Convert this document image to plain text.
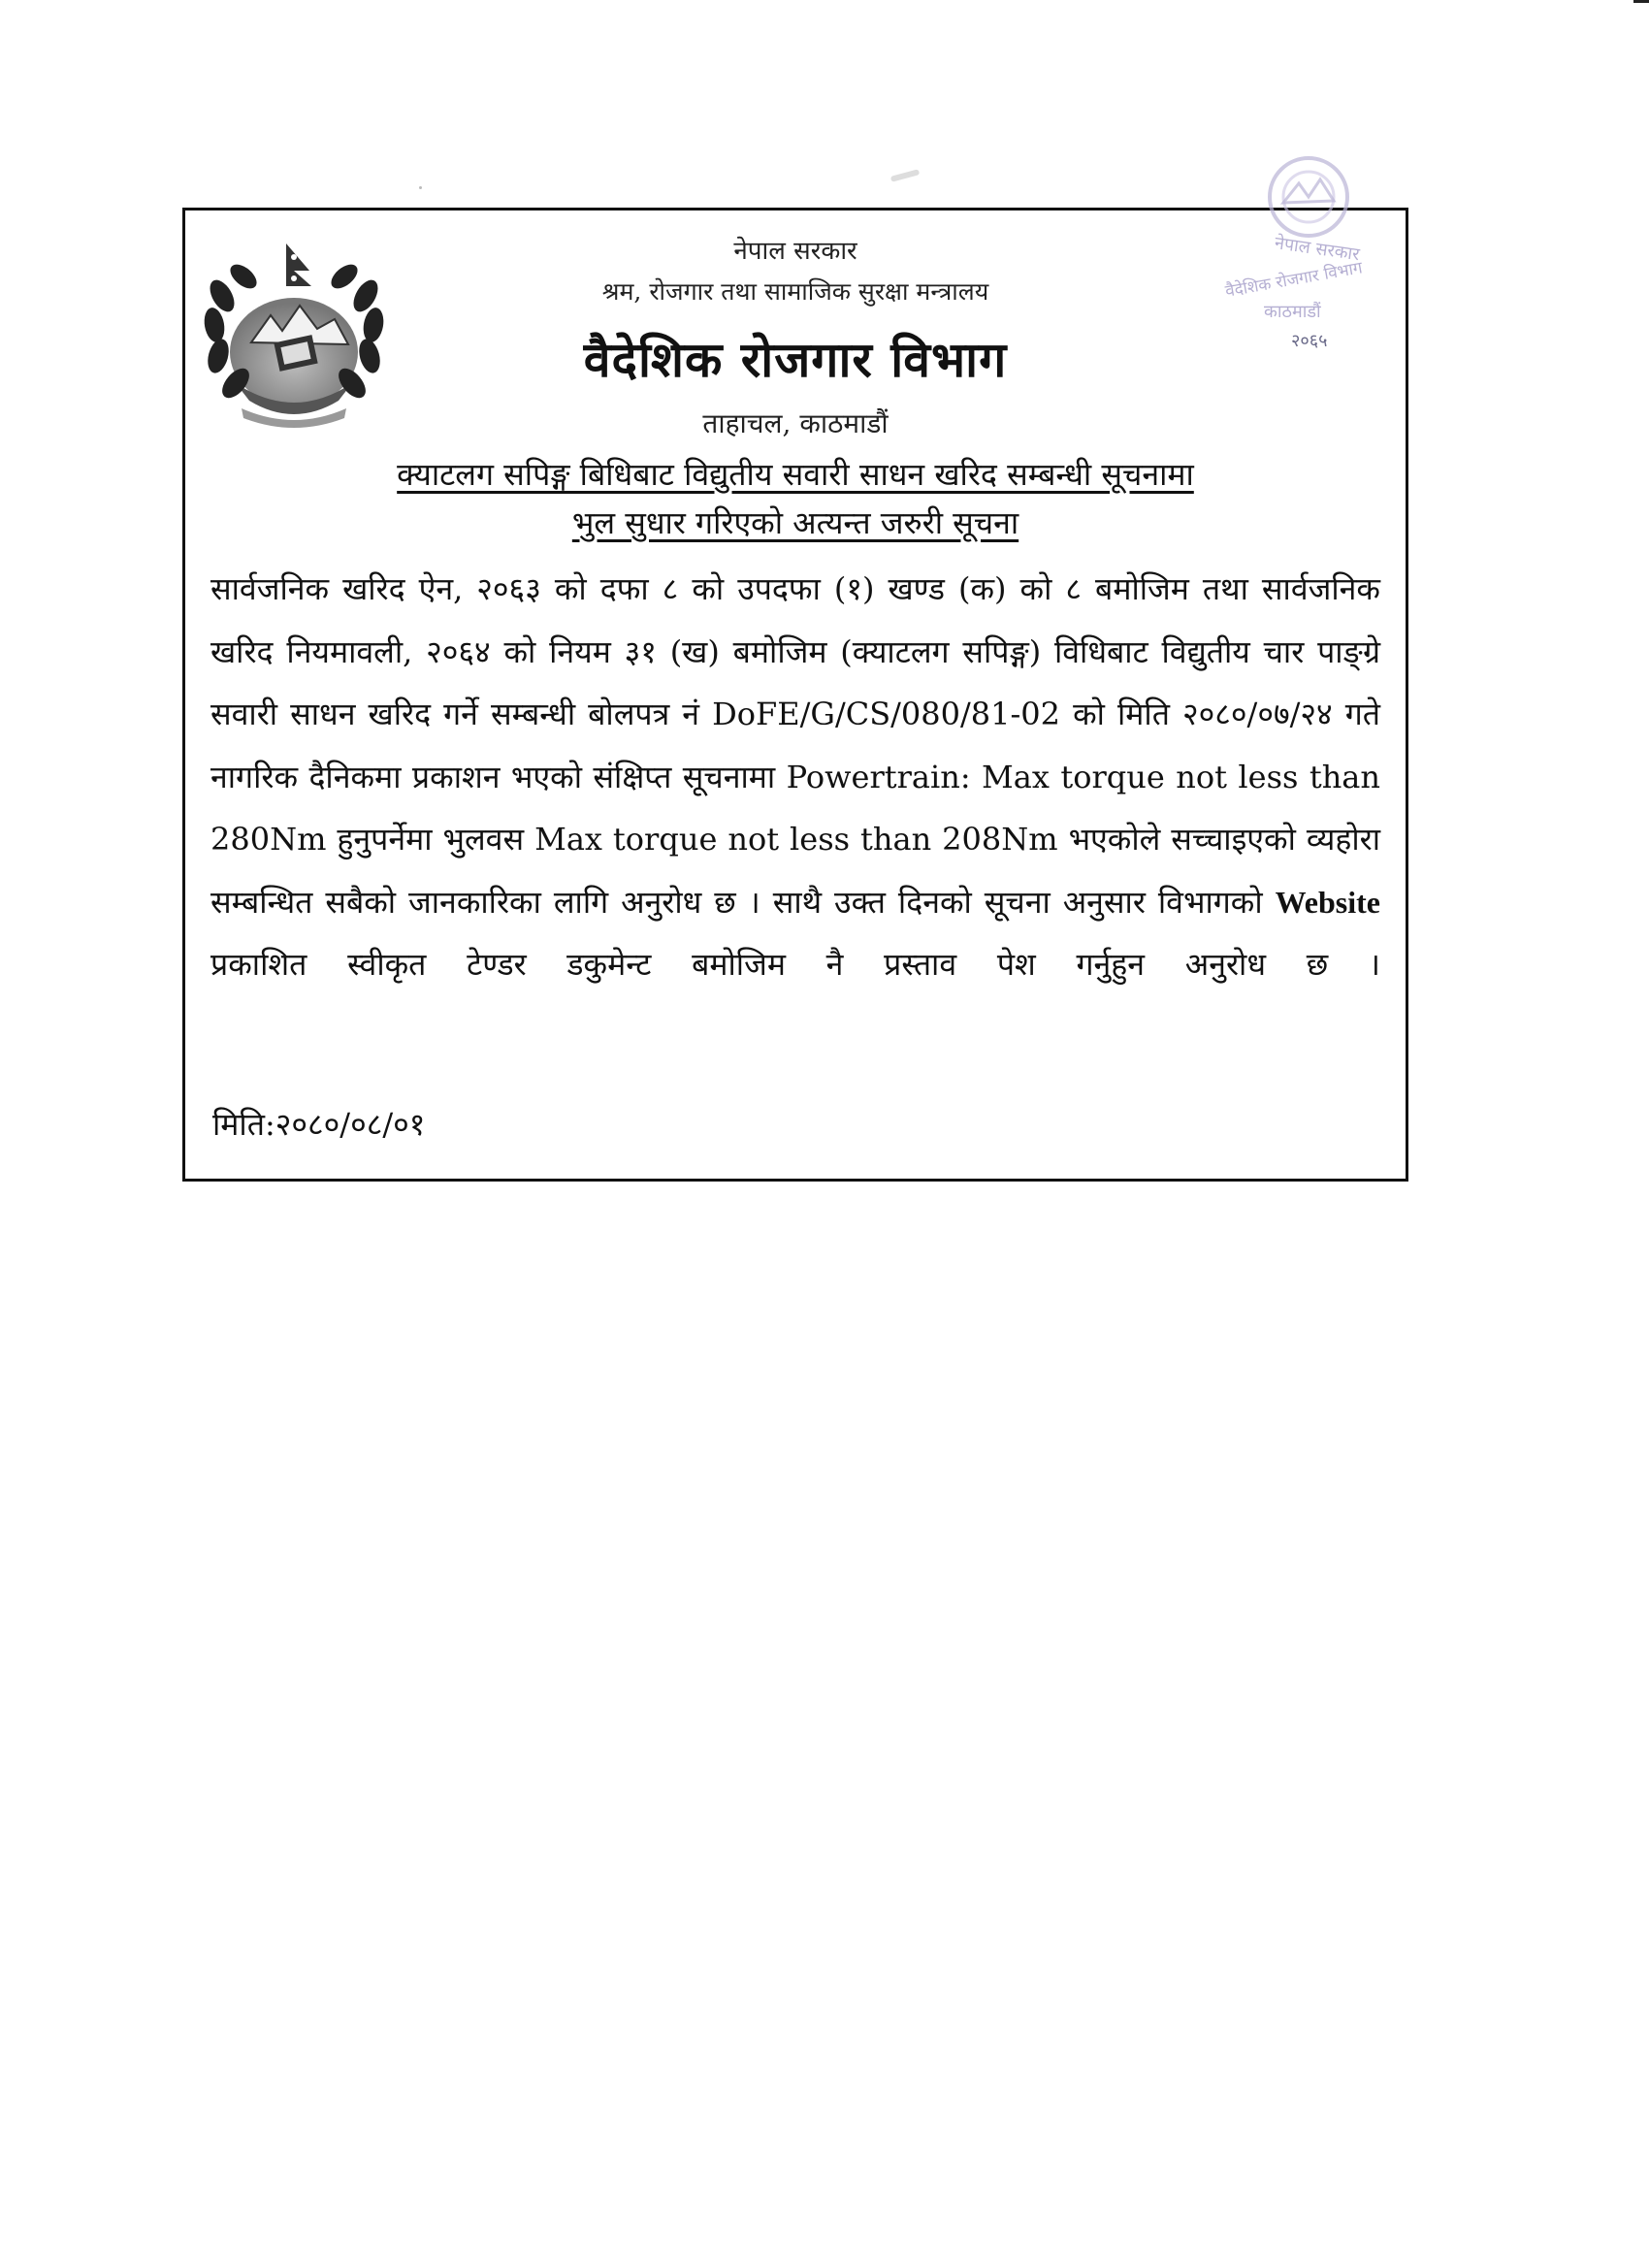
नेपाल सरकार
वैदेशिक रोजगार विभाग
काठमाडौं
२०६५
नेपाल सरकार
श्रम, रोजगार तथा सामाजिक सुरक्षा मन्त्रालय
वैदेशिक रोजगार विभाग
ताहाचल, काठमाडौं
क्याटलग सपिङ्ग बिधिबाट विद्युतीय सवारी साधन खरिद सम्बन्धी सूचनामा
भुल सुधार गरिएको अत्यन्त जरुरी सूचना
सार्वजनिक खरिद ऐन, २०६३ को दफा ८ को उपदफा (१) खण्ड (क) को ८ बमोजिम तथा सार्वजनिक खरिद नियमावली, २०६४ को नियम ३१ (ख) बमोजिम (क्याटलग सपिङ्ग) विधिबाट विद्युतीय चार पाङ्ग्रे सवारी साधन खरिद गर्ने सम्बन्धी बोलपत्र नं DoFE/G/CS/080/81-02 को मिति २०८०/०७/२४ गते नागरिक दैनिकमा प्रकाशन भएको संक्षिप्त सूचनामा Powertrain: Max torque not less than 280Nm हुनुपर्नेमा भुलवस Max torque not less than 208Nm भएकोले सच्चाइएको व्यहोरा सम्बन्धित सबैको जानकारिका लागि अनुरोध छ । साथै उक्त दिनको सूचना अनुसार विभागको Website प्रकाशित स्वीकृत टेण्डर डकुमेन्ट बमोजिम नै प्रस्ताव पेश गर्नुहुन अनुरोध छ ।
मिति:२०८०/०८/०१
